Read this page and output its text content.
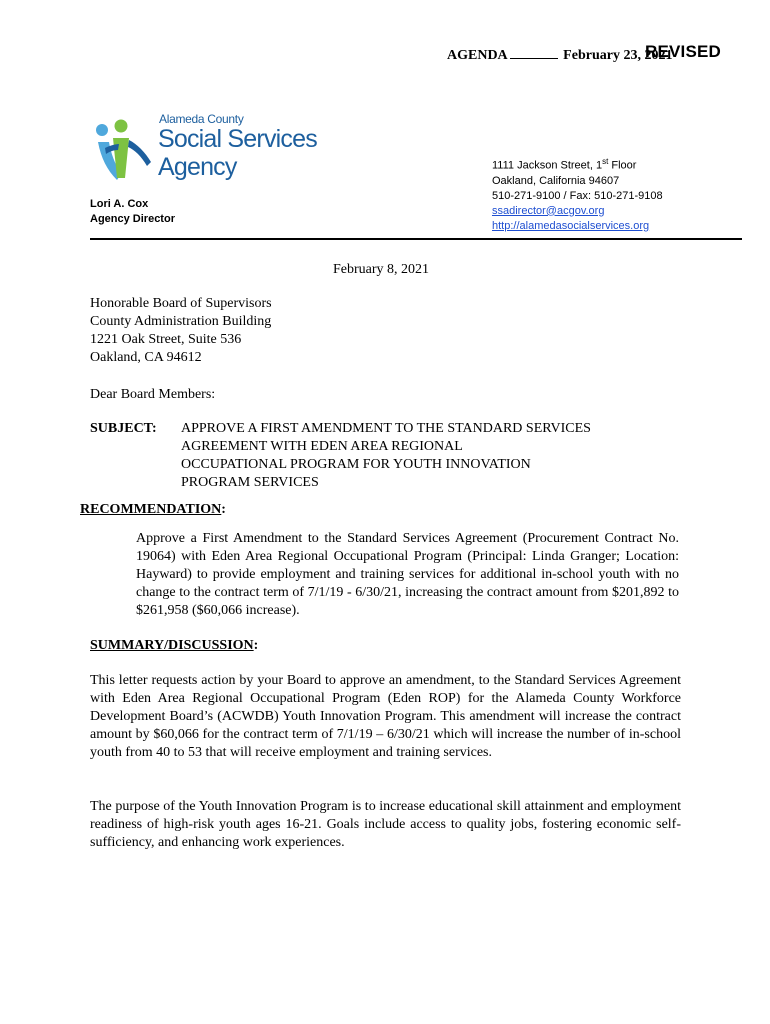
AGENDA	February 23, 2021
REVISED
Alameda County
Social Services
Agency	1111 Jackson Street, 1st Floor
Oakland, California 94607
510-271-9100 / Fax: 510-271-9108
ssadirector@acgov.org
http://alamedasocialservices.org
Lori A. Cox
Agency Director
February 8, 2021
Honorable Board of Supervisors
County Administration Building
1221 Oak Street, Suite 536
Oakland, CA 94612
Dear Board Members:
SUBJECT: APPROVE A FIRST AMENDMENT TO THE STANDARD SERVICES
AGREEMENT WITH EDEN AREA REGIONAL
OCCUPATIONAL PROGRAM FOR YOUTH INNOVATION
PROGRAM SERVICES
RECOMMENDATION:
Approve a First Amendment to the Standard Services Agreement (Procurement Contract No. 19064) with Eden Area Regional Occupational Program (Principal: Linda Granger; Location: Hayward) to provide employment and training services for additional in-school youth with no change to the contract term of 7/1/19 - 6/30/21, increasing the contract amount from $201,892 to $261,958 ($60,066 increase).
SUMMARY/DISCUSSION:
This letter requests action by your Board to approve an amendment, to the Standard Services Agreement with Eden Area Regional Occupational Program (Eden ROP) for the Alameda County Workforce Development Board’s (ACWDB) Youth Innovation Program. This amendment will increase the contract amount by $60,066 for the contract term of 7/1/19 – 6/30/21 which will increase the number of in-school youth from 40 to 53 that will receive employment and training services.
The purpose of the Youth Innovation Program is to increase educational skill attainment and employment readiness of high-risk youth ages 16-21. Goals include access to quality jobs, fostering economic self-sufficiency, and enhancing work experiences.
